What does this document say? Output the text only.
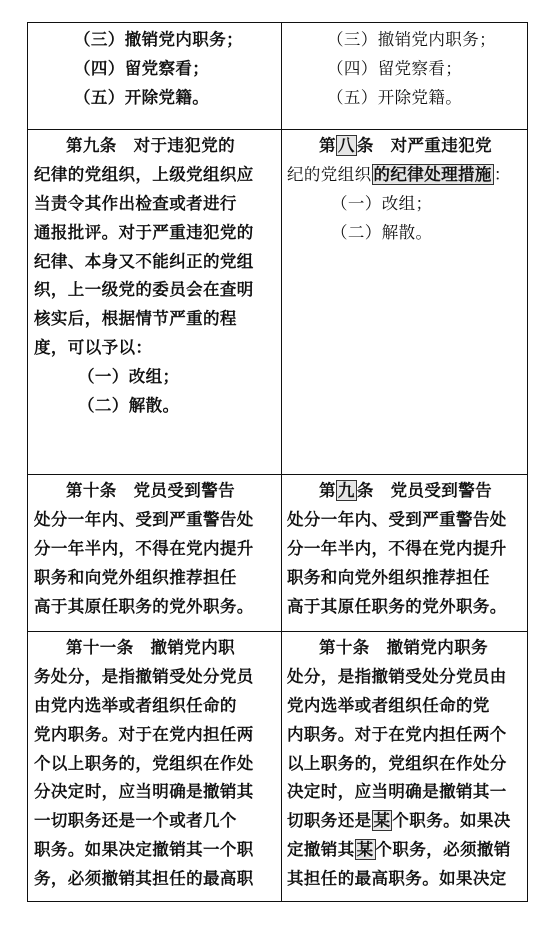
（三）撤销党内职务；
（四）留党察看；
（五）开除党籍。
（三）撤销党内职务；
（四）留党察看；
（五）开除党籍。
第九条　对于违犯党的
纪律的党组织，上级党组织应
当责令其作出检查或者进行
通报批评。对于严重违犯党的
纪律、本身又不能纠正的党组
织，上一级党的委员会在查明
核实后，根据情节严重的程
度，可以予以：
（一）改组；
（二）解散。
第 八 条　对严重违犯党
纪的党组织 的纪律处理措施 ：
（一）改组；
（二）解散。
第十条　党员受到警告
处分一年内、受到严重警告处
分一年半内，不得在党内提升
职务和向党外组织推荐担任
高于其原任职务的党外职务。
第 九 条　党员受到警告
处分一年内、受到严重警告处
分一年半内，不得在党内提升
职务和向党外组织推荐担任
高于其原任职务的党外职务。
第十一条　撤销党内职
务处分，是指撤销受处分党员
由党内选举或者组织任命的
党内职务。对于在党内担任两
个以上职务的，党组织在作处
分决定时，应当明确是撤销其
一切职务还是一个或者几个
职务。如果决定撤销其一个职
务，必须撤销其担任的最高职
第十条　撤销党内职务
处分，是指撤销受处分党员由
党内选举或者组织任命的党
内职务。对于在党内担任两个
以上职务的，党组织在作处分
决定时，应当明确是撤销其一
切职务还是 某 个职务。如果决
定撤销其 某 个职务，必须撤销
其担任的最高职务。如果决定
